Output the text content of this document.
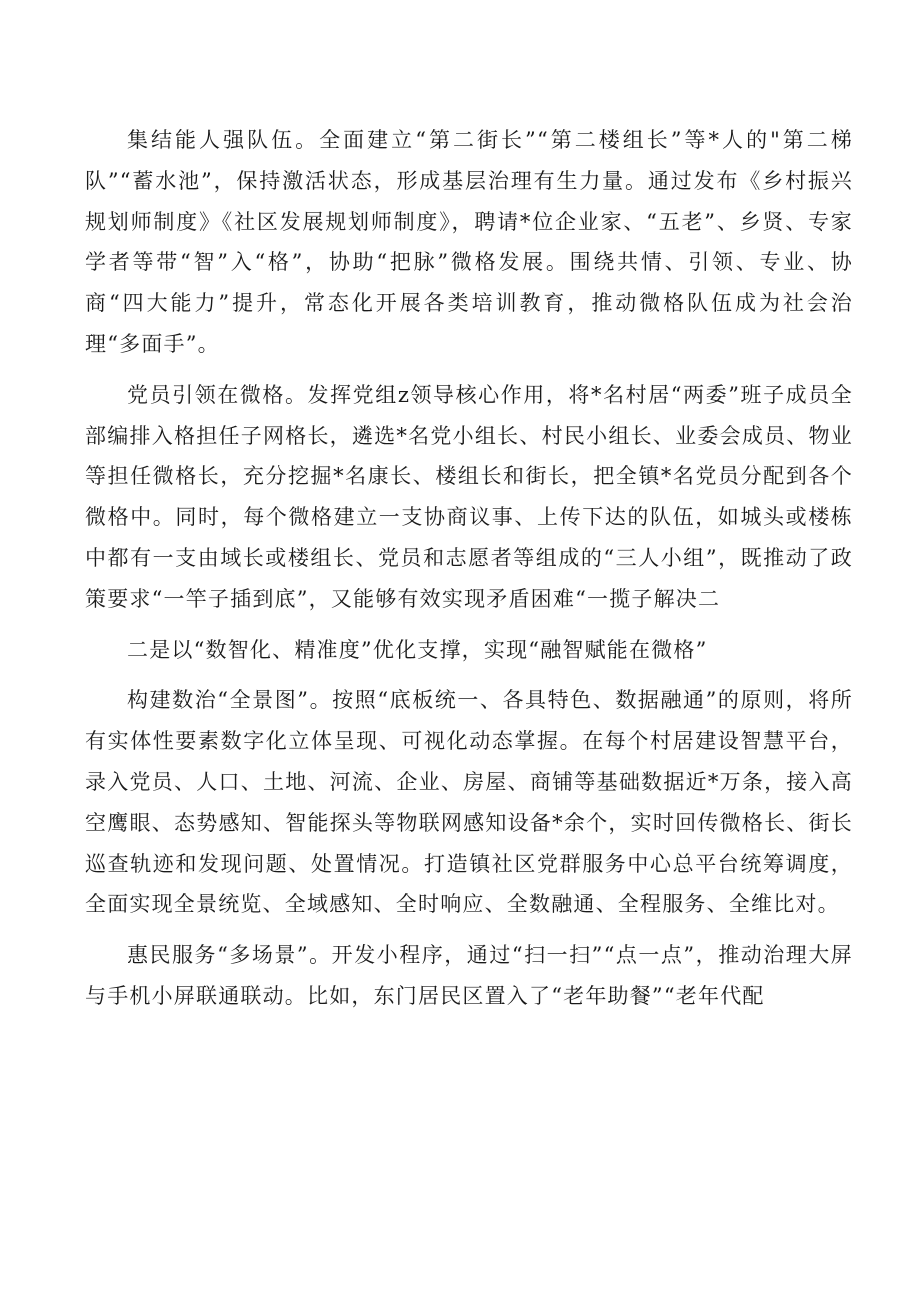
集结能人强队伍。全面建立“第二街长”“第二楼组长”等*人的"第二梯队”“蓄水池”，保持激活状态，形成基层治理有生力量。通过发布《乡村振兴规划师制度》《社区发展规划师制度》，聘请*位企业家、“五老”、乡贤、专家学者等带“智”入“格”，协助“把脉”微格发展。围绕共情、引领、专业、协商“四大能力”提升，常态化开展各类培训教育，推动微格队伍成为社会治理“多面手”。

党员引领在微格。发挥党组z领导核心作用，将*名村居“两委”班子成员全部编排入格担任子网格长，遴选*名党小组长、村民小组长、业委会成员、物业等担任微格长，充分挖掘*名康长、楼组长和街长，把全镇*名党员分配到各个微格中。同时，每个微格建立一支协商议事、上传下达的队伍，如城头或楼栋中都有一支由域长或楼组长、党员和志愿者等组成的“三人小组”，既推动了政策要求“一竿子插到底”，又能够有效实现矛盾困难“一揽子解决二

二是以“数智化、精准度”优化支撑，实现“融智赋能在微格”

构建数治“全景图”。按照“底板统一、各具特色、数据融通”的原则，将所有实体性要素数字化立体呈现、可视化动态掌握。在每个村居建设智慧平台，录入党员、人口、土地、河流、企业、房屋、商铺等基础数据近*万条，接入高空鹰眼、态势感知、智能探头等物联网感知设备*余个，实时回传微格长、街长巡查轨迹和发现问题、处置情况。打造镇社区党群服务中心总平台统筹调度，全面实现全景统览、全域感知、全时响应、全数融通、全程服务、全维比对。

惠民服务“多场景”。开发小程序，通过“扫一扫”“点一点”，推动治理大屏与手机小屏联通联动。比如，东门居民区置入了“老年助餐”“老年代配
